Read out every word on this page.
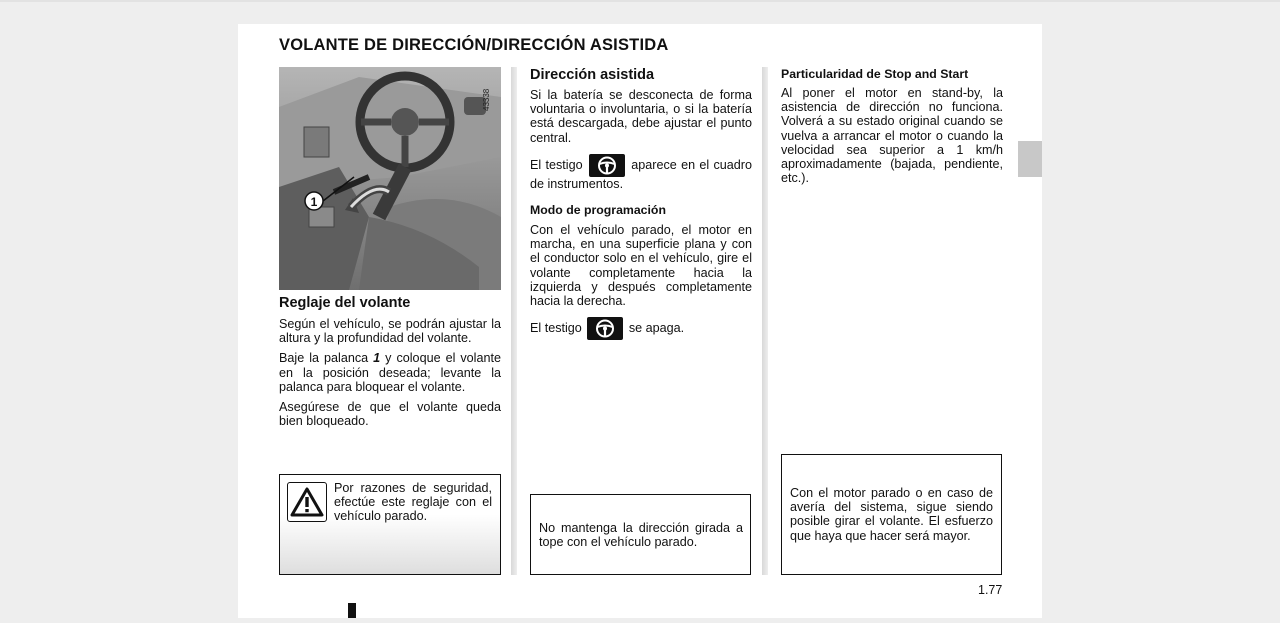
VOLANTE DE DIRECCIÓN/DIRECCIÓN ASISTIDA
1
Reglaje del volante

Según el vehículo, se podrán ajustar la altura y la profundidad del volante.

Baje la palanca 1 y coloque el volante en la posición deseada; levante la palanca para bloquear el volante.

Asegúrese de que el volante queda bien bloqueado.

43338

Por razones de seguridad, efectúe este reglaje con el vehículo parado.

Dirección asistida

Si la batería se desconecta de forma voluntaria o involuntaria, o si la batería está descargada, debe ajustar el punto central.

El testigo	aparece en el cuadro de instrumentos.

Modo de programación

Con el vehículo parado, el motor en marcha, en una superficie plana y con el conductor solo en el vehículo, gire el volante completamente hacia la izquierda y después completamente hacia la derecha.

El testigo	se apaga.

No mantenga la dirección girada a tope con el vehículo parado.

Particularidad de Stop and Start

Al poner el motor en stand-by, la asistencia de dirección no funciona. Volverá a su estado original cuando se vuelva a arrancar el motor o cuando la velocidad sea superior a 1 km/h aproximadamente (bajada, pendiente, etc.).

Con el motor parado o en caso de avería del sistema, sigue siendo posible girar el volante. El esfuerzo que haya que hacer será mayor.

1.77
